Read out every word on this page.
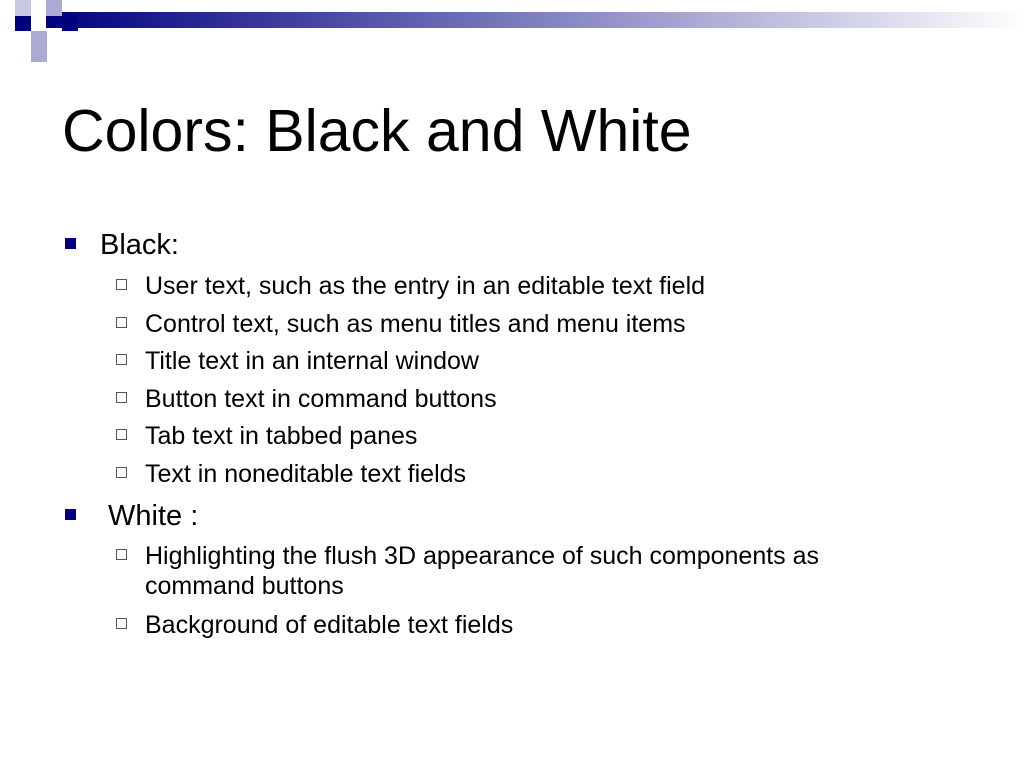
Colors: Black and White
Black:
User text, such as the entry in an editable text field
Control text, such as menu titles and menu items
Title text in an internal window
Button text in command buttons
Tab text in tabbed panes
Text in noneditable text fields
White :
Highlighting the flush 3D appearance of such components as command buttons
Background of editable text fields
